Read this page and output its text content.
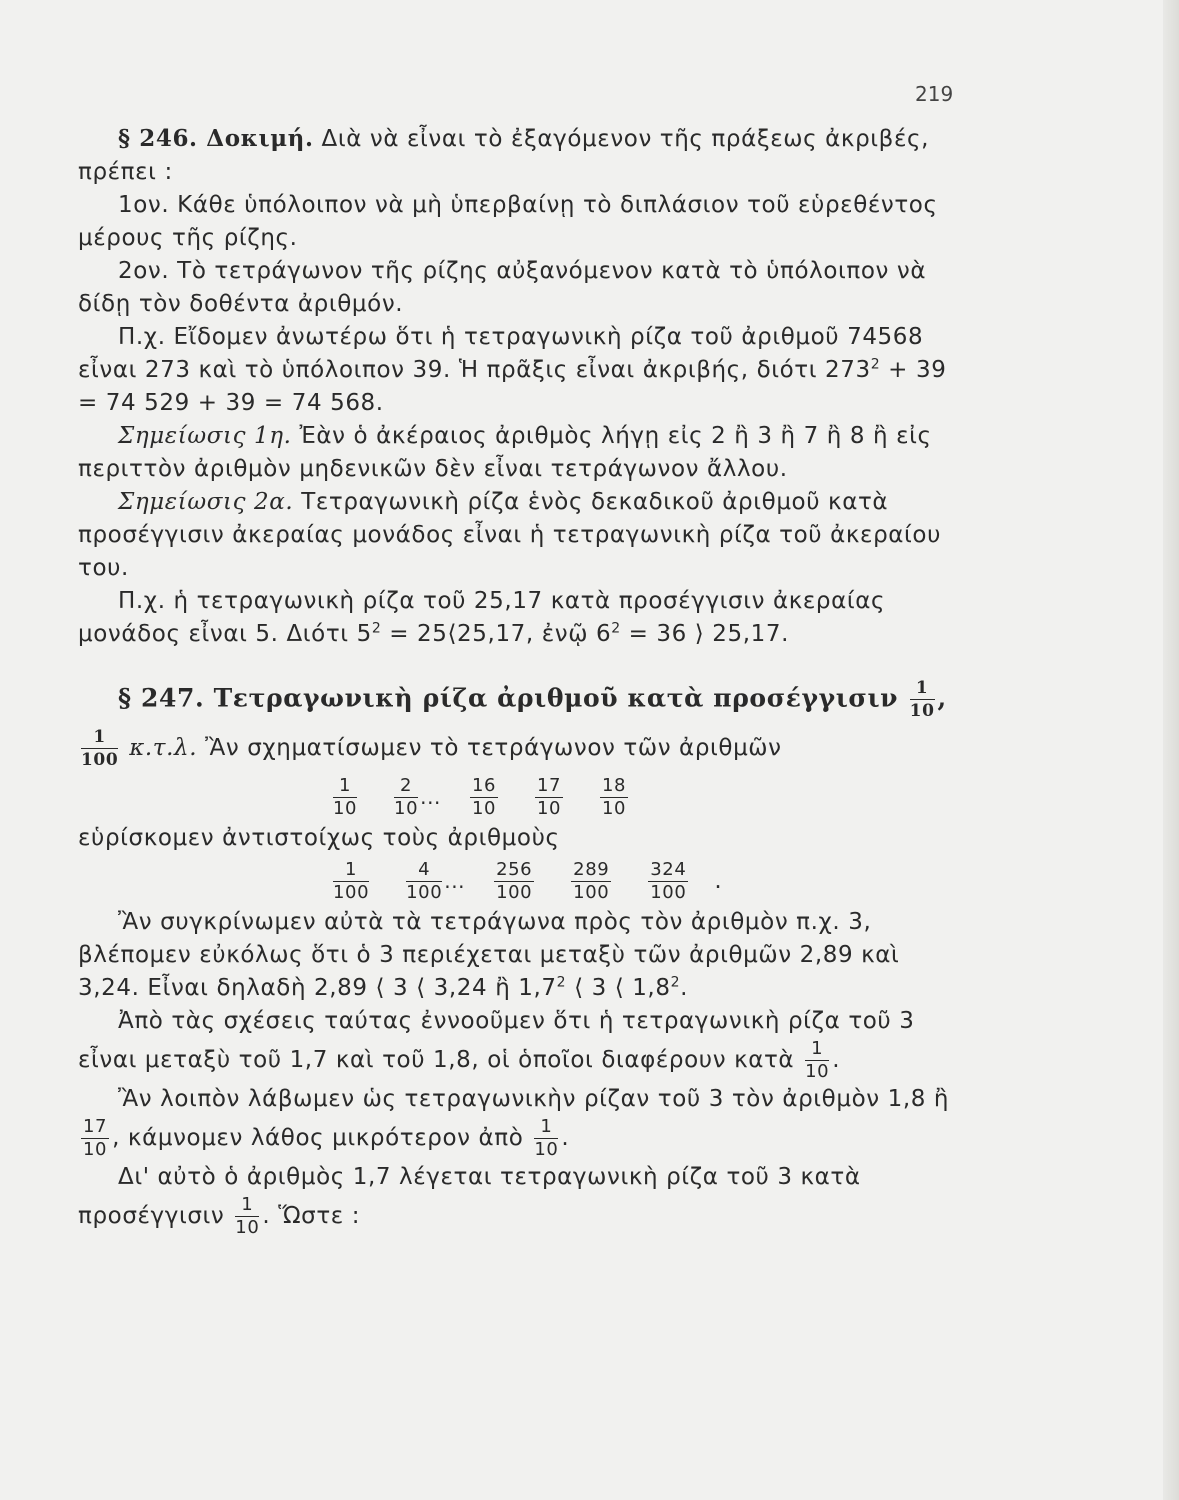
219

§ 246. Δοκιμή. Διὰ νὰ εἶναι τὸ ἐξαγόμενον τῆς πράξεως ἀκριβές, πρέπει :

1ον. Κάθε ὑπόλοιπον νὰ μὴ ὑπερβαίνῃ τὸ διπλάσιον τοῦ εὑρεθέντος μέρους τῆς ρίζης.

2ον. Τὸ τετράγωνον τῆς ρίζης αὐξανόμενον κατὰ τὸ ὑπόλοιπον νὰ δίδῃ τὸν δοθέντα ἀριθμόν.

Π.χ. Εἴδομεν ἀνωτέρω ὅτι ἡ τετραγωνικὴ ρίζα τοῦ ἀριθμοῦ 74568 εἶναι 273 καὶ τὸ ὑπόλοιπον 39. Ἡ πρᾶξις εἶναι ἀκριβής, διότι $273^2 + 39 = 74$ 529 + 39 = 74 568.

Σημείωσις 1η. Ἐὰν ὁ ἀκέραιος ἀριθμὸς λήγῃ εἰς 2 ἢ 3 ἢ 7 ἢ 8 ἢ εἰς περιττὸν ἀριθμὸν μηδενικῶν δὲν εἶναι τετράγωνον ἄλλου.

Σημείωσις 2α. Τετραγωνικὴ ρίζα ἑνὸς δεκαδικοῦ ἀριθμοῦ κατὰ προσέγγισιν ἀκεραίας μονάδος εἶναι ἡ τετραγωνικὴ ρίζα τοῦ ἀκεραίου του.

Π.χ. ἡ τετραγωνικὴ ρίζα τοῦ 25,17 κατὰ προσέγγισιν ἀκεραίας μονάδος εἶναι 5. Διότι $5^2$ = 25⟨25,17, ἐνῷ $6^2 = 36$ ⟩ 25,17.

§ 247. Τετραγωνικὴ ρίζα ἀριθμοῦ κατὰ προσέγγισιν $\frac{1}{10}$ ,

$\frac{1}{100} \kappa.\tau.\lambda$. Ἂν σχηματίσωμεν τὸ τετράγωνον τῶν ἀριθμῶν

$\frac{1}{10}$
$\frac{2}{10}$ ... $\frac{16}{10}$
$\frac{17}{10}$
$\frac{18}{10}$

εὑρίσκομεν ἀντιστοίχως τοὺς ἀριθμοὺς

$\frac{1}{100}$
$\frac{4}{100}$ ... $\frac{256}{100}$
$\frac{289}{100}$
$\frac{324}{100}$ .

Ἂν συγκρίνωμεν αὐτὰ τὰ τετράγωνα πρὸς τὸν ἀριθμὸν π.χ. 3, βλέπομεν εὐκόλως ὅτι ὁ 3 περιέχεται μεταξὺ τῶν ἀριθμῶν 2,89 καὶ 3,24. Εἶναι δηλαδὴ 2,89 ⟨ 3 ⟨ 3,24 ἢ $1,7^2$ ⟨ 3 ⟨ $1,8^2$.

Ἀπὸ τὰς σχέσεις ταύτας ἐννοοῦμεν ὅτι ἡ τετραγωνικὴ ρίζα τοῦ 3 εἶναι μεταξὺ τοῦ 1,7 καὶ τοῦ 1,8, οἱ ὁποῖοι διαφέρουν κατὰ $\frac{1}{10}$ .

Ἂν λοιπὸν λάβωμεν ὡς τετραγωνικὴν ρίζαν τοῦ 3 τὸν ἀριθμὸν 1,8 ἢ
$\frac{17}{10}$ , κάμνομεν λάθος μικρότερον ἀπὸ $\frac{1}{10}$ .

Δι' αὐτὸ ὁ ἀριθμὸς 1,7 λέγεται τετραγωνικὴ ρίζα τοῦ 3 κατὰ προσέγγισιν $\frac{1}{10}$ . Ὥστε :
